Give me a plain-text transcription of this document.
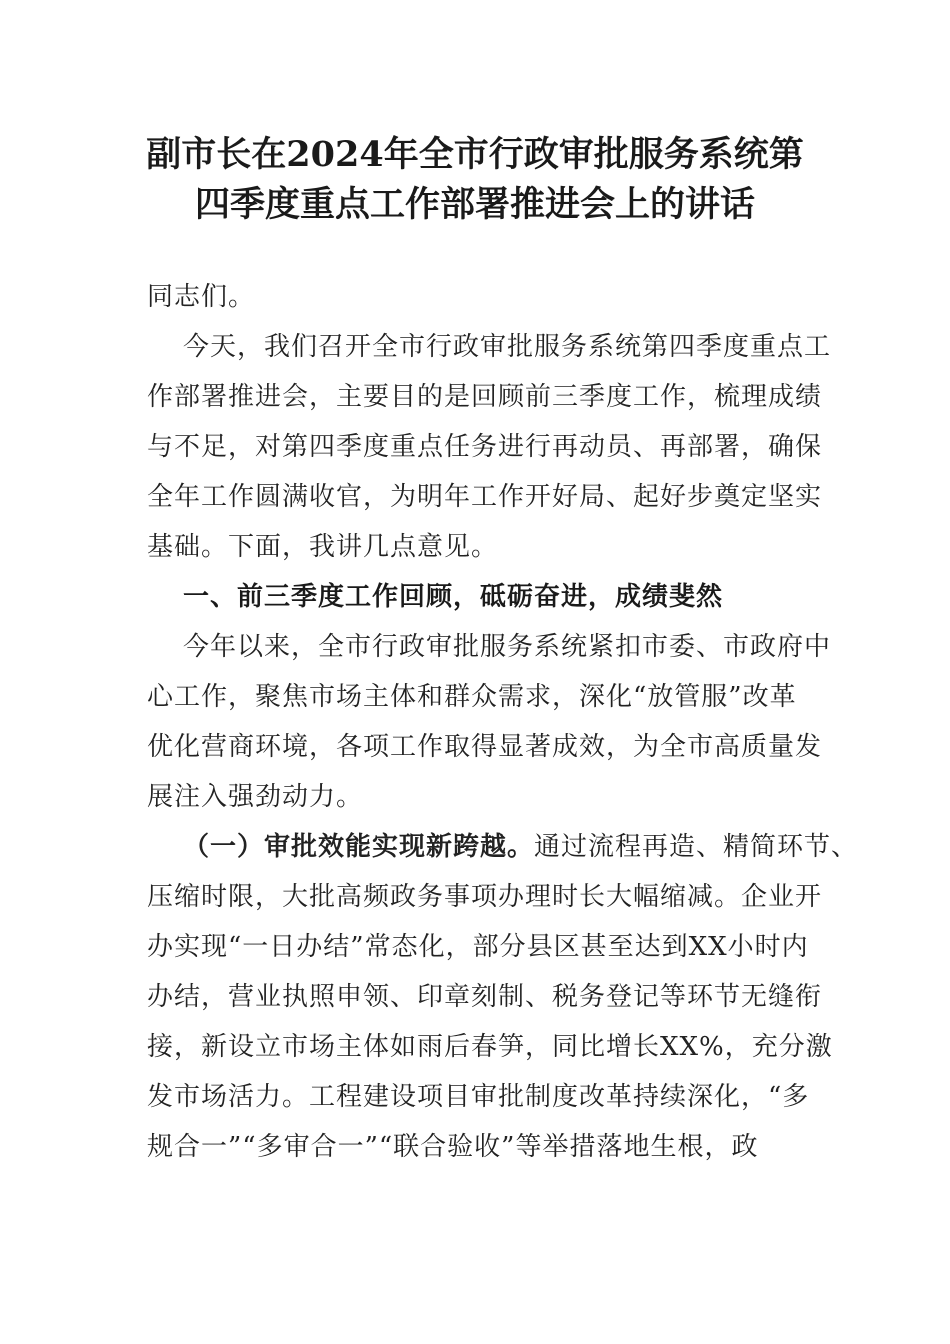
副市长在2024年全市行政审批服务系统第
四季度重点工作部署推进会上的讲话
同志们。
今天，我们召开全市行政审批服务系统第四季度重点工
作部署推进会，主要目的是回顾前三季度工作，梳理成绩
与不足，对第四季度重点任务进行再动员、再部署，确保
全年工作圆满收官，为明年工作开好局、起好步奠定坚实
基础。下面，我讲几点意见。
一、前三季度工作回顾，砥砺奋进，成绩斐然
今年以来，全市行政审批服务系统紧扣市委、市政府中
心工作，聚焦市场主体和群众需求，深化“放管服”改革
优化营商环境，各项工作取得显著成效，为全市高质量发
展注入强劲动力。
（一）审批效能实现新跨越。通过流程再造、精简环节、
压缩时限，大批高频政务事项办理时长大幅缩减。企业开
办实现“一日办结”常态化，部分县区甚至达到XX小时内
办结，营业执照申领、印章刻制、税务登记等环节无缝衔
接，新设立市场主体如雨后春笋，同比增长XX%，充分激
发市场活力。工程建设项目审批制度改革持续深化，“多
规合一”“多审合一”“联合验收”等举措落地生根，政
